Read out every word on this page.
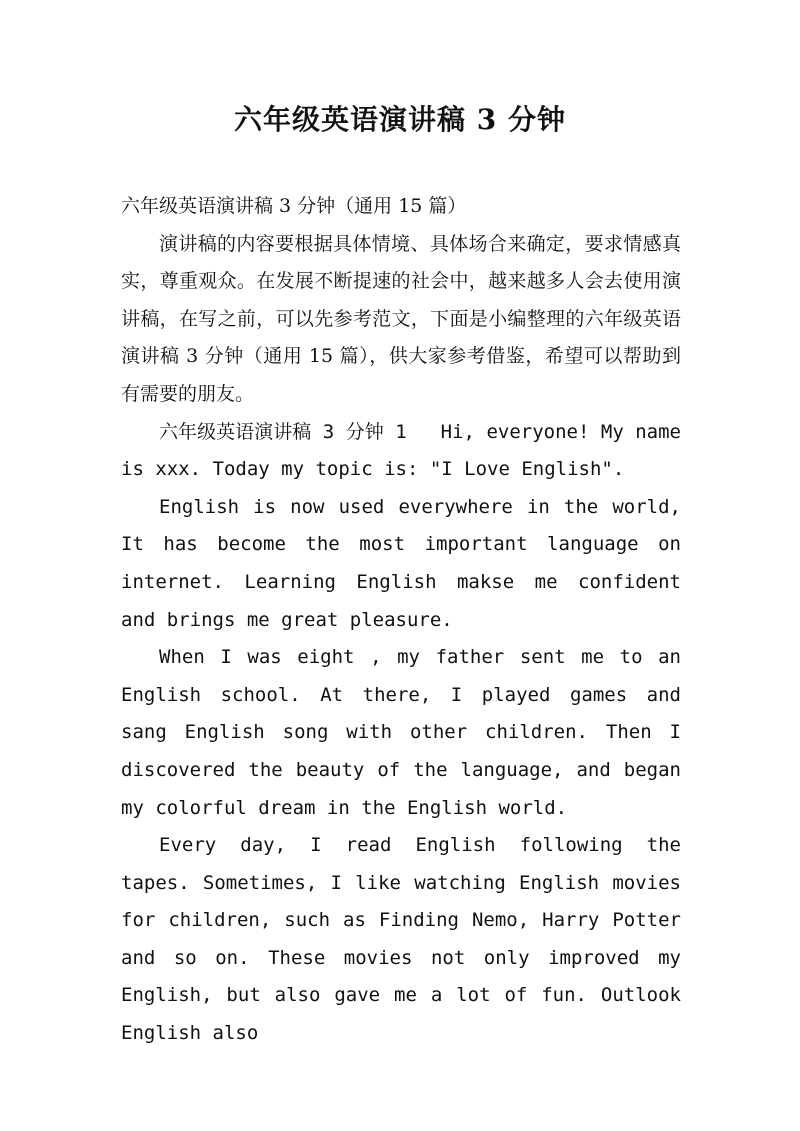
六年级英语演讲稿 3 分钟

六年级英语演讲稿 3 分钟（通用 15 篇）

演讲稿的内容要根据具体情境、具体场合来确定，要求情感真实，尊重观众。在发展不断提速的社会中，越来越多人会去使用演讲稿，在写之前，可以先参考范文，下面是小编整理的六年级英语演讲稿 3 分钟（通用 15 篇），供大家参考借鉴，希望可以帮助到有需要的朋友。

六年级英语演讲稿 3 分钟 1 Hi, everyone! My name is xxx. Today my topic is: "I Love English".

English is now used everywhere in the world, It has become the most important language on internet. Learning English makse me confident and brings me great pleasure.

When I was eight , my father sent me to an English school. At there, I played games and sang English song with other children. Then I discovered the beauty of the language, and began my colorful dream in the English world.

Every day, I read English following the tapes. Sometimes, I like watching English movies for children, such as Finding Nemo, Harry Potter and so on. These movies not only improved my English, but also gave me a lot of fun. Outlook English also
